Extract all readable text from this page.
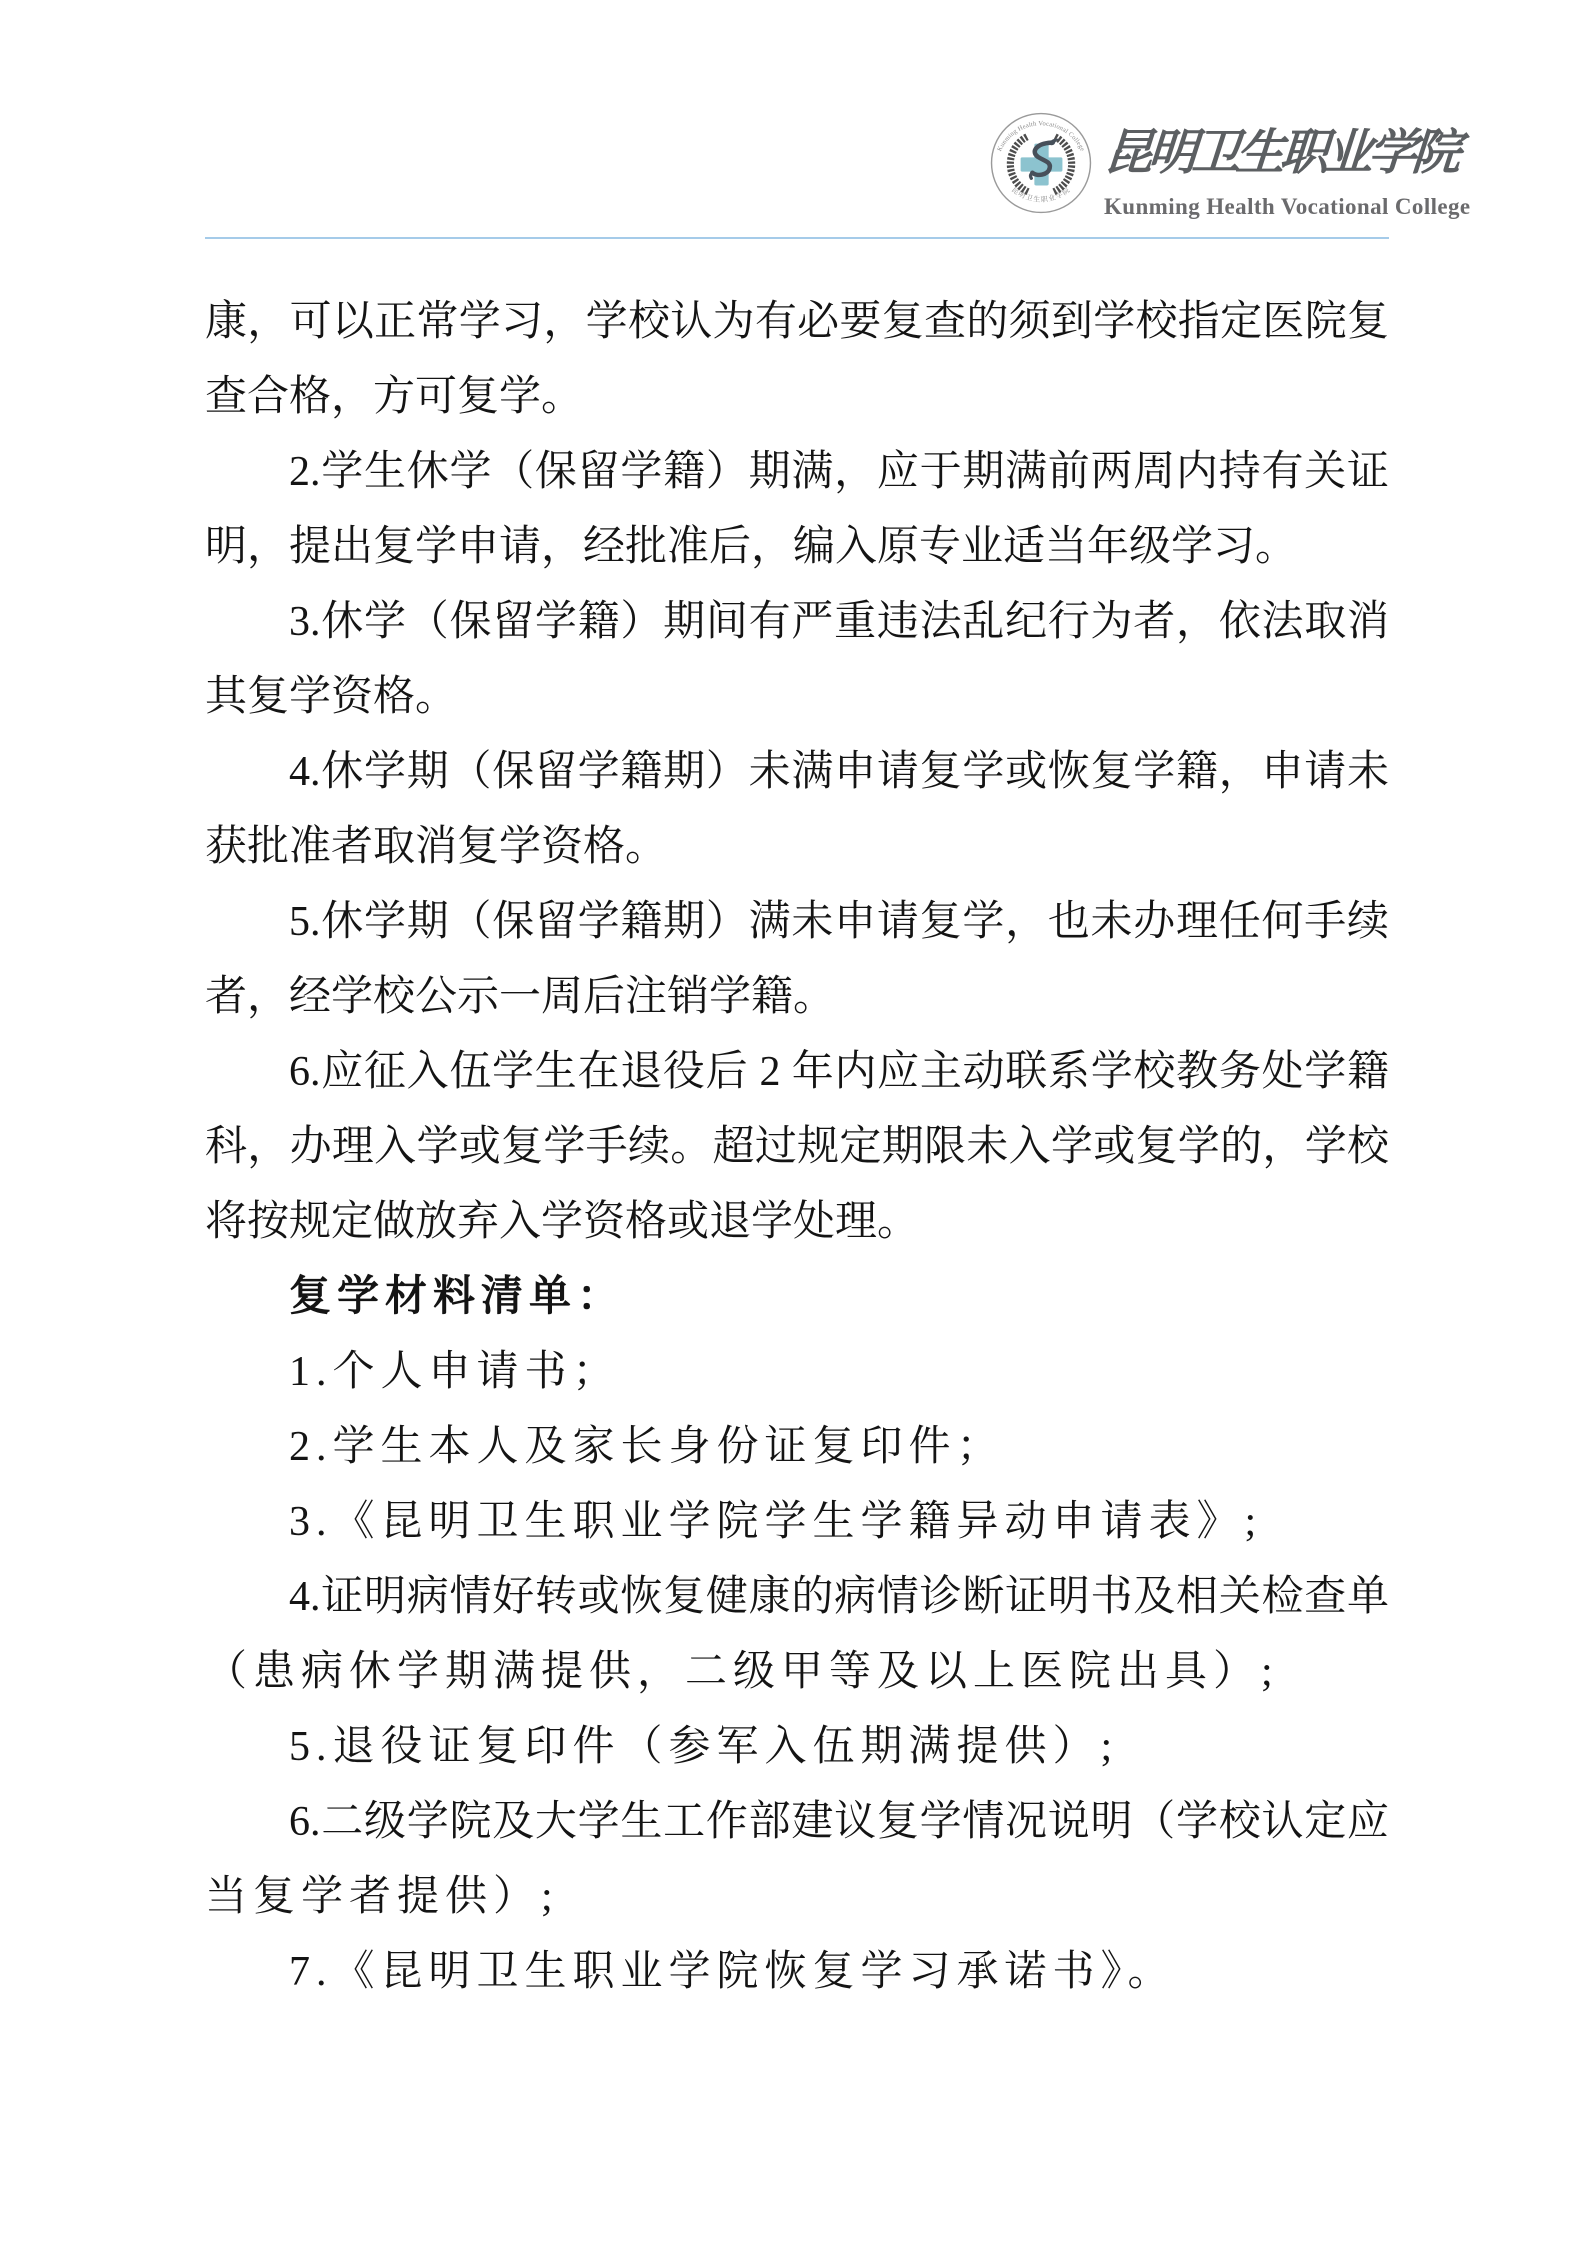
Kunming Health Vocational College
昆明卫生职业学院
昆明卫生职业学院
Kunming Health Vocational College
康，可以正常学习，学校认为有必要复查的须到学校指定医院复
查合格，方可复学。
2.学生休学（保留学籍）期满，应于期满前两周内持有关证
明，提出复学申请，经批准后，编入原专业适当年级学习。
3.休学（保留学籍）期间有严重违法乱纪行为者，依法取消
其复学资格。
4.休学期（保留学籍期）未满申请复学或恢复学籍，申请未
获批准者取消复学资格。
5.休学期（保留学籍期）满未申请复学，也未办理任何手续
者，经学校公示一周后注销学籍。
6.应征入伍学生在退役后 2 年内应主动联系学校教务处学籍
科，办理入学或复学手续。超过规定期限未入学或复学的，学校
将按规定做放弃入学资格或退学处理。
复学材料清单：
1.个人申请书；
2.学生本人及家长身份证复印件；
3.《昆明卫生职业学院学生学籍异动申请表》;
4.证明病情好转或恢复健康的病情诊断证明书及相关检查单
（患病休学期满提供，二级甲等及以上医院出具）;
5.退役证复印件（参军入伍期满提供）;
6.二级学院及大学生工作部建议复学情况说明（学校认定应
当复学者提供）;
7.《昆明卫生职业学院恢复学习承诺书》。
